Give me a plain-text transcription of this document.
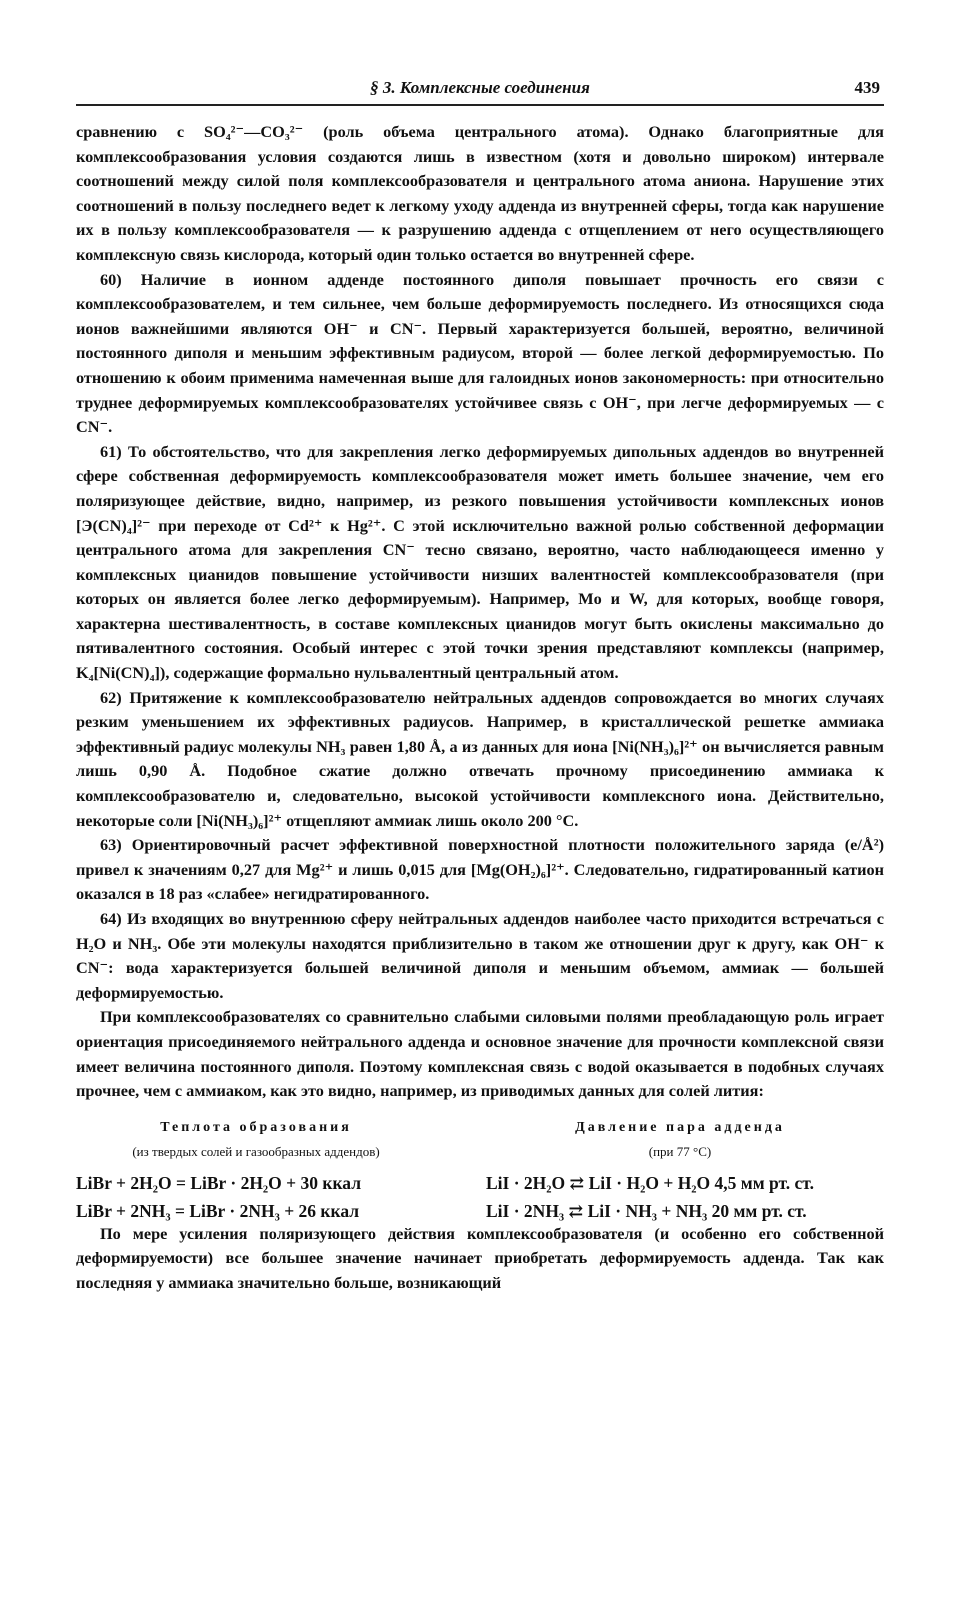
§ 3. Комплексные соединения	439

сравнению с SO₄²⁻—CO₃²⁻ (роль объема центрального атома). Однако благоприятные для комплексообразования условия создаются лишь в известном (хотя и довольно широком) интервале соотношений между силой поля комплексообразователя и центрального атома аниона. Нарушение этих соотношений в пользу последнего ведет к легкому уходу аддендa из внутренней сферы, тогда как нарушение их в пользу комплексообразователя — к разрушению аддендa с отщеплением от него осуществляющего комплексную связь кислорода, который один только остается во внутренней сфере.

60) Наличие в ионном адденде постоянного диполя повышает прочность его связи с комплексообразователем, и тем сильнее, чем больше деформируемость последнего. Из относящихся сюда ионов важнейшими являются OH⁻ и CN⁻. Первый характеризуется большей, вероятно, величиной постоянного диполя и меньшим эффективным радиусом, второй — более легкой деформируемостью. По отношению к обоим применима намеченная выше для галоидных ионов закономерность: при относительно труднее деформируемых комплексообразователях устойчивее связь с OH⁻, при легче деформируемых — с CN⁻.

61) То обстоятельство, что для закрепления легко деформируемых дипольных аддендов во внутренней сфере собственная деформируемость комплексообразователя может иметь большее значение, чем его поляризующее действие, видно, например, из резкого повышения устойчивости комплексных ионов [Э(CN)₄]²⁻ при переходе от Cd²⁺ к Hg²⁺. С этой исключительно важной ролью собственной деформации центрального атома для закрепления CN⁻ тесно связано, вероятно, часто наблюдающееся именно у комплексных цианидов повышение устойчивости низших валентностей комплексообразователя (при которых он является более легко деформируемым). Например, Mo и W, для которых, вообще говоря, характерна шестивалентность, в составе комплексных цианидов могут быть окислены максимально до пятивалентного состояния. Особый интерес с этой точки зрения представляют комплексы (например, K₄[Ni(CN)₄]), содержащие формально нульвалентный центральный атом.

62) Притяжение к комплексообразователю нейтральных аддендов сопровождается во многих случаях резким уменьшением их эффективных радиусов. Например, в кристаллической решетке аммиака эффективный радиус молекулы NH₃ равен 1,80 Å, а из данных для иона [Ni(NH₃)₆]²⁺ он вычисляется равным лишь 0,90 Å. Подобное сжатие должно отвечать прочному присоединению аммиака к комплексообразователю и, следовательно, высокой устойчивости комплексного иона. Действительно, некоторые соли [Ni(NH₃)₆]²⁺ отщепляют аммиак лишь около 200 °C.

63) Ориентировочный расчет эффективной поверхностной плотности положительного заряда (e/Å²) привел к значениям 0,27 для Mg²⁺ и лишь 0,015 для [Mg(OH₂)₆]²⁺. Следовательно, гидратированный катион оказался в 18 раз «слабее» негидратированного.

64) Из входящих во внутреннюю сферу нейтральных аддендов наиболее часто приходится встречаться с H₂O и NH₃. Обе эти молекулы находятся приблизительно в таком же отношении друг к другу, как OH⁻ к CN⁻: вода характеризуется большей величиной диполя и меньшим объемом, аммиак — большей деформируемостью.

При комплексообразователях со сравнительно слабыми силовыми полями преобладающую роль играет ориентация присоединяемого нейтрального аддендa и основное значение для прочности комплексной связи имеет величина постоянного диполя. Поэтому комплексная связь с водой оказывается в подобных случаях прочнее, чем с аммиаком, как это видно, например, из приводимых данных для солей лития:

Теплота образования
(из твердых солей и газообразных аддендов)
LiBr + 2H₂O = LiBr · 2H₂O + 30 ккал
LiBr + 2NH₃ = LiBr · 2NH₃ + 26 ккал
Давление пара адденда
(при 77 °C)
LiI · 2H₂O ⇄ LiI · H₂O + H₂O 4,5 мм рт. ст.
LiI · 2NH₃ ⇄ LiI · NH₃ + NH₃ 20 мм рт. ст.

По мере усиления поляризующего действия комплексообразователя (и особенно его собственной деформируемости) все большее значение начинает приобретать деформируемость аддендa. Так как последняя у аммиака значительно больше, возникающий
